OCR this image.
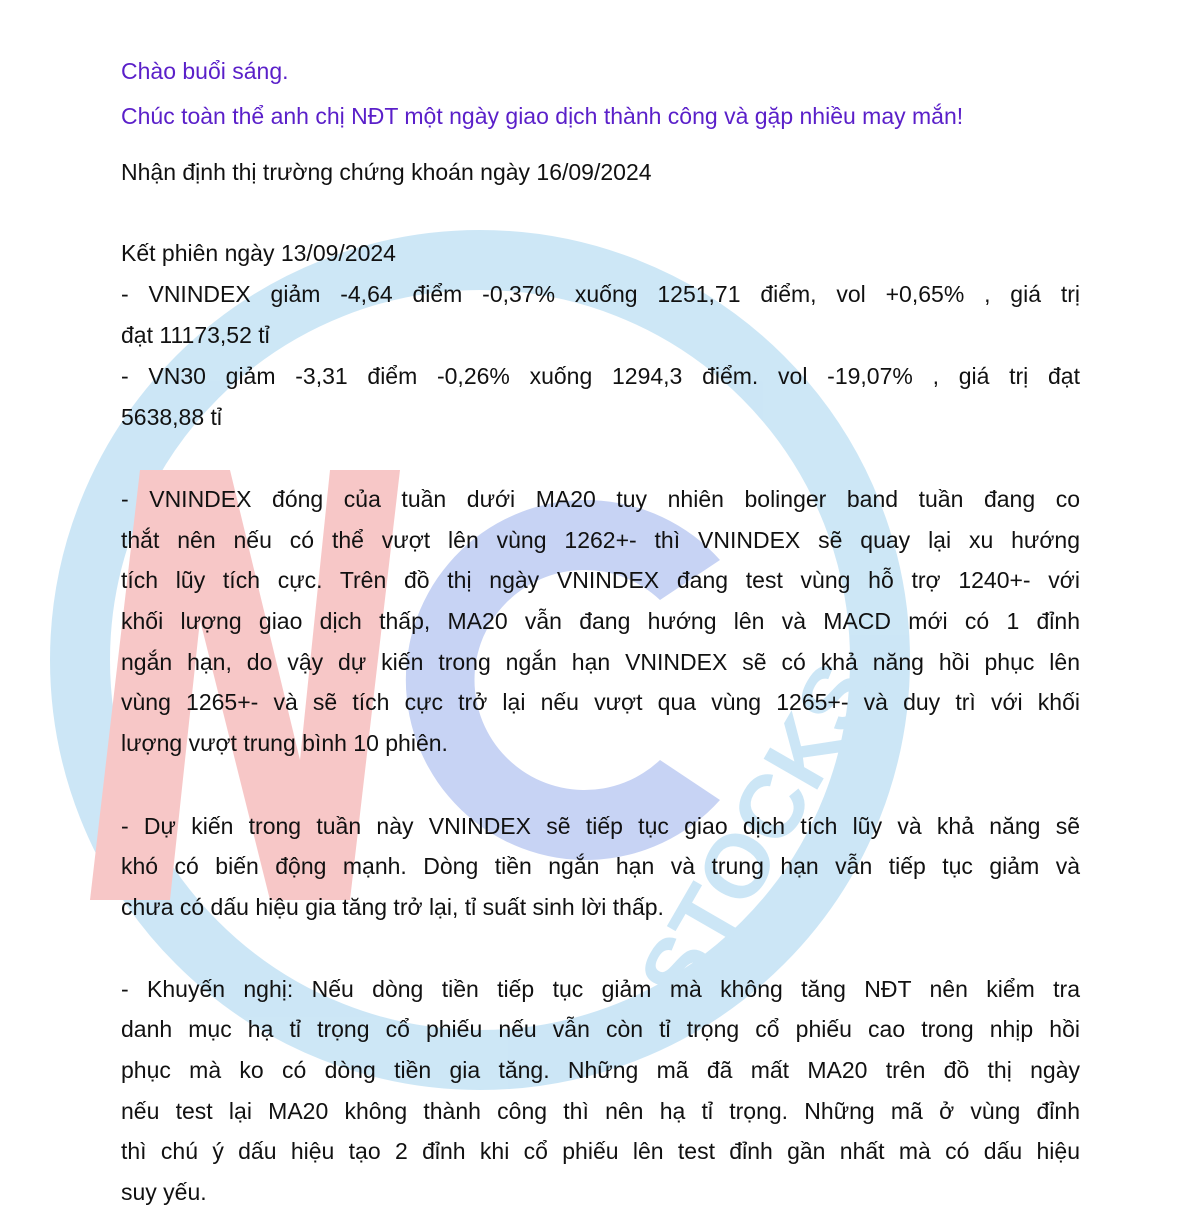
STOCKS
Chào buổi sáng.
Chúc toàn thể anh chị NĐT một ngày giao dịch thành công và gặp nhiều may mắn!
Nhận định thị trường chứng khoán ngày 16/09/2024
Kết phiên ngày 13/09/2024
- VNINDEX giảm -4,64 điểm -0,37% xuống 1251,71 điểm, vol +0,65% , giá trị
đạt 11173,52 tỉ
- VN30 giảm -3,31 điểm -0,26% xuống 1294,3 điểm. vol -19,07% , giá trị đạt
5638,88 tỉ
- VNINDEX đóng của tuần dưới MA20 tuy nhiên bolinger band tuần đang co
thắt nên nếu có thể vượt lên vùng 1262+- thì VNINDEX sẽ quay lại xu hướng
tích lũy tích cực. Trên đồ thị ngày VNINDEX đang test vùng hỗ trợ 1240+- với
khối lượng giao dịch thấp, MA20 vẫn đang hướng lên và MACD mới có 1 đỉnh
ngắn hạn, do vậy dự kiến trong ngắn hạn VNINDEX sẽ có khả năng hồi phục lên
vùng 1265+- và sẽ tích cực trở lại nếu vượt qua vùng 1265+- và duy trì với khối
lượng vượt trung bình 10 phiên.
- Dự kiến trong tuần này VNINDEX sẽ tiếp tục giao dịch tích lũy và khả năng sẽ
khó có biến động mạnh. Dòng tiền ngắn hạn và trung hạn vẫn tiếp tục giảm và
chưa có dấu hiệu gia tăng trở lại, tỉ suất sinh lời thấp.
- Khuyến nghị: Nếu dòng tiền tiếp tục giảm mà không tăng NĐT nên kiểm tra
danh mục hạ tỉ trọng cổ phiếu nếu vẫn còn tỉ trọng cổ phiếu cao trong nhịp hồi
phục mà ko có dòng tiền gia tăng. Những mã đã mất MA20 trên đồ thị ngày
nếu test lại MA20 không thành công thì nên hạ tỉ trọng. Những mã ở vùng đỉnh
thì chú ý dấu hiệu tạo 2 đỉnh khi cổ phiếu lên test đỉnh gần nhất mà có dấu hiệu
suy yếu.
